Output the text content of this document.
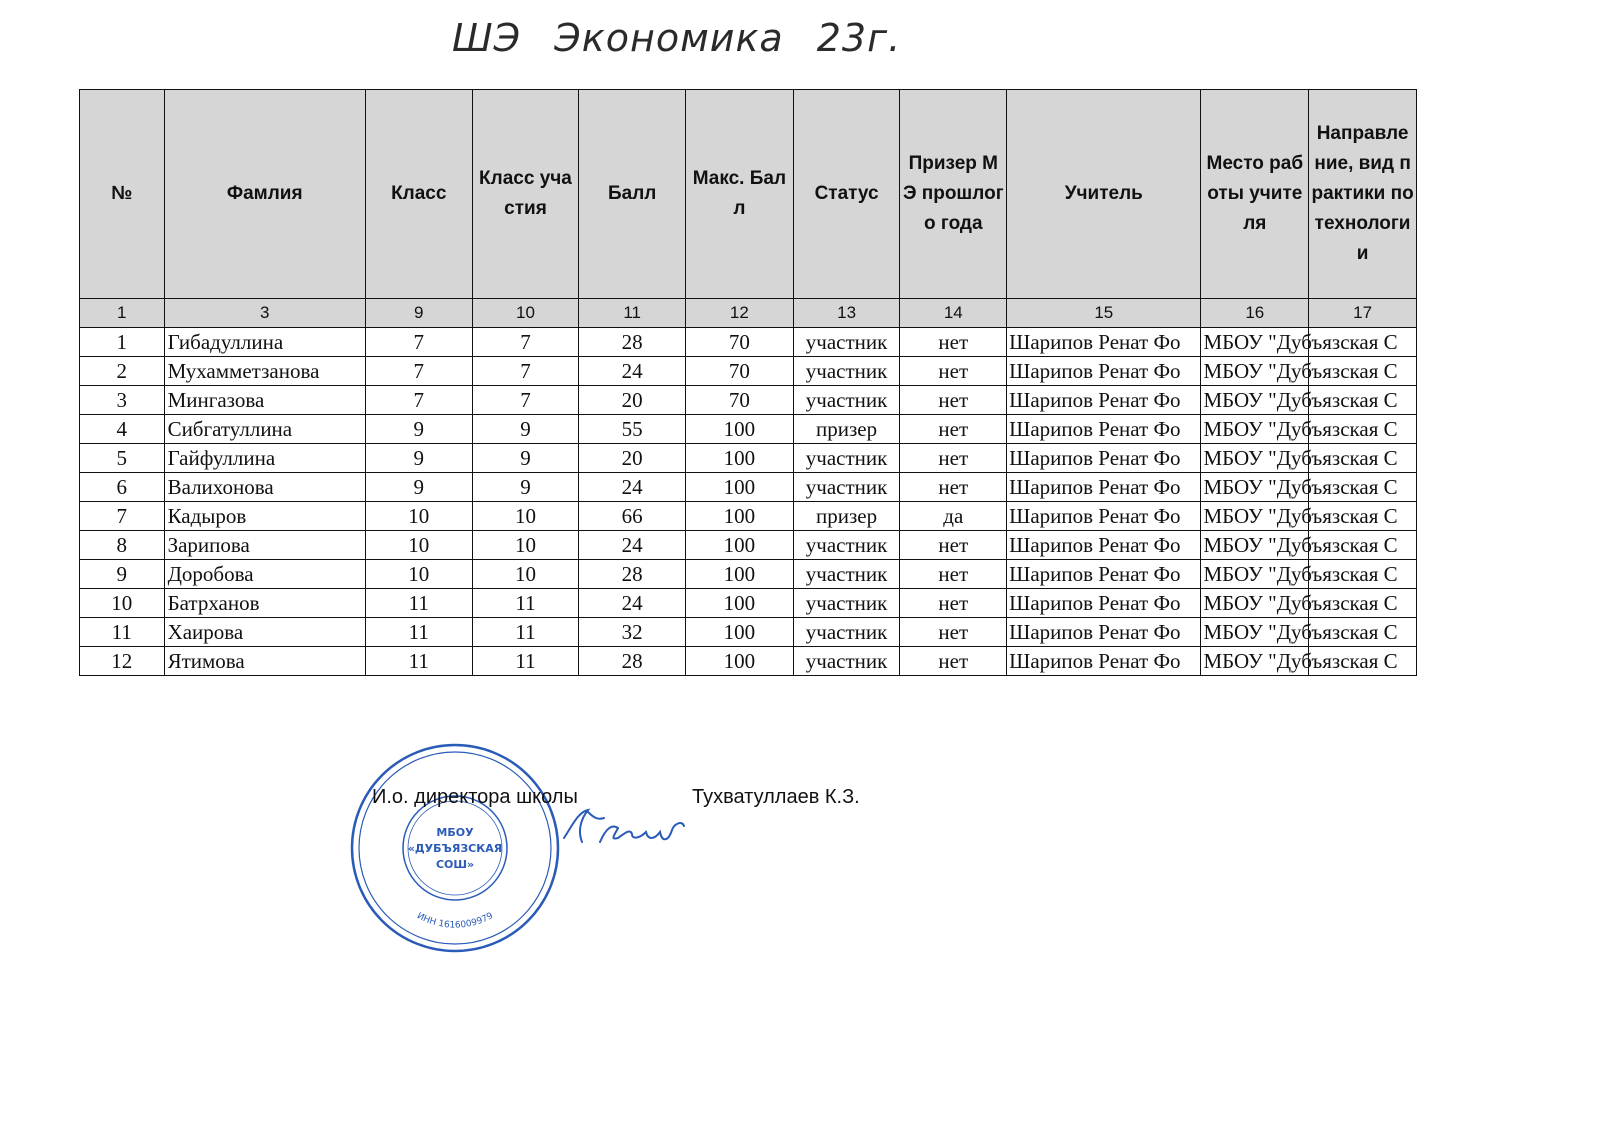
ШЭ Экономика 23г.
№	Фамлия	Класс	Класс участия	Балл	Макс. Балл	Статус	Призер МЭ прошлого года	Учитель	Место работы учителя	Направление, вид практики по технологии
1	3	9	10	11	12	13	14	15	16	17
1	Гибадуллина	7	7	28	70	участник	нет	Шарипов Ренат Фо	МБОУ "Дубъязская С	
2	Мухамметзанова	7	7	24	70	участник	нет	Шарипов Ренат Фо	МБОУ "Дубъязская С	
3	Мингазова	7	7	20	70	участник	нет	Шарипов Ренат Фо	МБОУ "Дубъязская С	
4	Сибгатуллина	9	9	55	100	призер	нет	Шарипов Ренат Фо	МБОУ "Дубъязская С	
5	Гайфуллина	9	9	20	100	участник	нет	Шарипов Ренат Фо	МБОУ "Дубъязская С	
6	Валихонова	9	9	24	100	участник	нет	Шарипов Ренат Фо	МБОУ "Дубъязская С	
7	Кадыров	10	10	66	100	призер	да	Шарипов Ренат Фо	МБОУ "Дубъязская С	
8	Зарипова	10	10	24	100	участник	нет	Шарипов Ренат Фо	МБОУ "Дубъязская С	
9	Доробова	10	10	28	100	участник	нет	Шарипов Ренат Фо	МБОУ "Дубъязская С	
10	Батрханов	11	11	24	100	участник	нет	Шарипов Ренат Фо	МБОУ "Дубъязская С	
11	Хаирова	11	11	32	100	участник	нет	Шарипов Ренат Фо	МБОУ "Дубъязская С	
12	Ятимова	11	11	28	100	участник	нет	Шарипов Ренат Фо	МБОУ "Дубъязская С	
ИНН 1616009979
МБОУ
«ДУБЪЯЗСКАЯ
СОШ»
И.о. директора школы	Тухватуллаев К.З.
